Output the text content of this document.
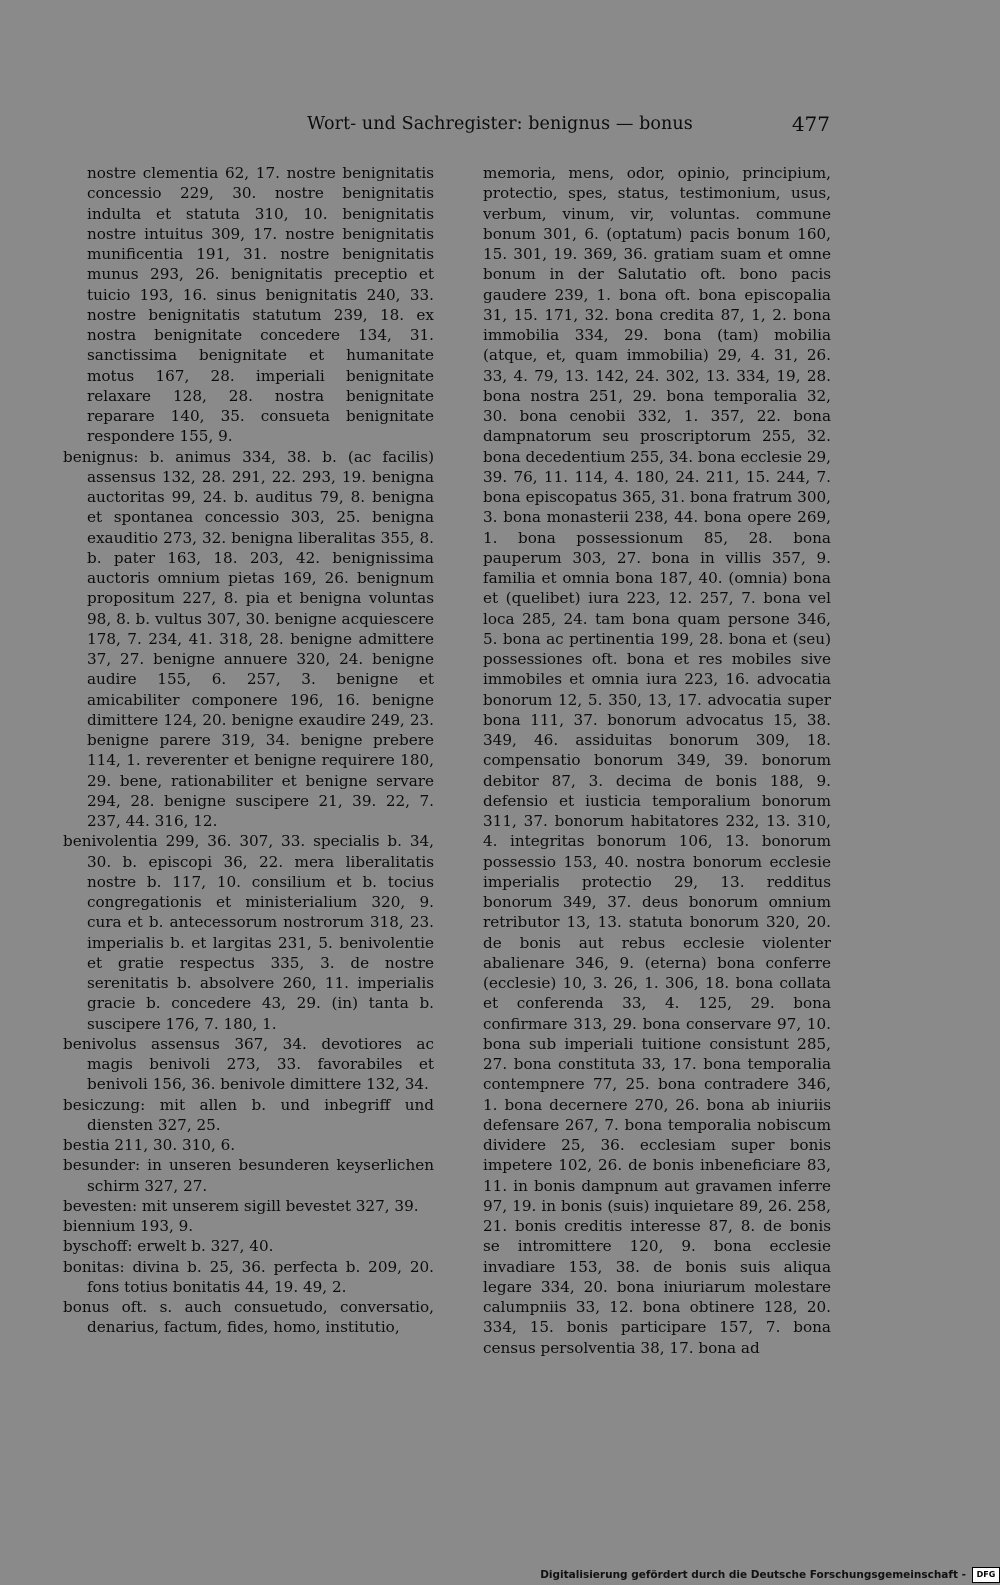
Wort- und Sachregister: benignus — bonus	477

nostre clementia 62, 17. nostre benignitatis concessio 229, 30. nostre benignitatis indulta et statuta 310, 10. benignitatis nostre intuitus 309, 17. nostre benignitatis munificentia 191, 31. nostre benignitatis munus 293, 26. benignitatis preceptio et tuicio 193, 16. sinus benignitatis 240, 33. nostre benignitatis statutum 239, 18. ex nostra benignitate concedere 134, 31. sanctissima benignitate et humanitate motus 167, 28. imperiali benignitate relaxare 128, 28. nostra benignitate reparare 140, 35. consueta benignitate respondere 155, 9.

benignus: b. animus 334, 38. b. (ac facilis) assensus 132, 28. 291, 22. 293, 19. benigna auctoritas 99, 24. b. auditus 79, 8. benigna et spontanea concessio 303, 25. benigna exauditio 273, 32. benigna liberalitas 355, 8. b. pater 163, 18. 203, 42. benignissima auctoris omnium pietas 169, 26. benignum propositum 227, 8. pia et benigna voluntas 98, 8. b. vultus 307, 30. benigne acquiescere 178, 7. 234, 41. 318, 28. benigne admittere 37, 27. benigne annuere 320, 24. benigne audire 155, 6. 257, 3. benigne et amicabiliter componere 196, 16. benigne dimittere 124, 20. benigne exaudire 249, 23. benigne parere 319, 34. benigne prebere 114, 1. reverenter et benigne requirere 180, 29. bene, rationabiliter et benigne servare 294, 28. benigne suscipere 21, 39. 22, 7. 237, 44. 316, 12.

benivolentia 299, 36. 307, 33. specialis b. 34, 30. b. episcopi 36, 22. mera liberalitatis nostre b. 117, 10. consilium et b. tocius congregationis et ministerialium 320, 9. cura et b. antecessorum nostrorum 318, 23. imperialis b. et largitas 231, 5. benivolentie et gratie respectus 335, 3. de nostre serenitatis b. absolvere 260, 11. imperialis gracie b. concedere 43, 29. (in) tanta b. suscipere 176, 7. 180, 1.

benivolus assensus 367, 34. devotiores ac magis benivoli 273, 33. favorabiles et benivoli 156, 36. benivole dimittere 132, 34.

besiczung: mit allen b. und inbegriff und diensten 327, 25.

bestia 211, 30. 310, 6.

besunder: in unseren besunderen keyserlichen schirm 327, 27.

bevesten: mit unserem sigill bevestet 327, 39.

biennium 193, 9.

byschoff: erwelt b. 327, 40.

bonitas: divina b. 25, 36. perfecta b. 209, 20. fons totius bonitatis 44, 19. 49, 2.

bonus oft. s. auch consuetudo, conversatio, denarius, factum, fides, homo, institutio,

memoria, mens, odor, opinio, principium, protectio, spes, status, testimonium, usus, verbum, vinum, vir, voluntas. commune bonum 301, 6. (optatum) pacis bonum 160, 15. 301, 19. 369, 36. gratiam suam et omne bonum in der Salutatio oft. bono pacis gaudere 239, 1. bona oft. bona episcopalia 31, 15. 171, 32. bona credita 87, 1, 2. bona immobilia 334, 29. bona (tam) mobilia (atque, et, quam immobilia) 29, 4. 31, 26. 33, 4. 79, 13. 142, 24. 302, 13. 334, 19, 28. bona nostra 251, 29. bona temporalia 32, 30. bona cenobii 332, 1. 357, 22. bona dampnatorum seu proscriptorum 255, 32. bona decedentium 255, 34. bona ecclesie 29, 39. 76, 11. 114, 4. 180, 24. 211, 15. 244, 7. bona episcopatus 365, 31. bona fratrum 300, 3. bona monasterii 238, 44. bona opere 269, 1. bona possessionum 85, 28. bona pauperum 303, 27. bona in villis 357, 9. familia et omnia bona 187, 40. (omnia) bona et (quelibet) iura 223, 12. 257, 7. bona vel loca 285, 24. tam bona quam persone 346, 5. bona ac pertinentia 199, 28. bona et (seu) possessiones oft. bona et res mobiles sive immobiles et omnia iura 223, 16. advocatia bonorum 12, 5. 350, 13, 17. advocatia super bona 111, 37. bonorum advocatus 15, 38. 349, 46. assiduitas bonorum 309, 18. compensatio bonorum 349, 39. bonorum debitor 87, 3. decima de bonis 188, 9. defensio et iusticia temporalium bonorum 311, 37. bonorum habitatores 232, 13. 310, 4. integritas bonorum 106, 13. bonorum possessio 153, 40. nostra bonorum ecclesie imperialis protectio 29, 13. redditus bonorum 349, 37. deus bonorum omnium retributor 13, 13. statuta bonorum 320, 20. de bonis aut rebus ecclesie violenter abalienare 346, 9. (eterna) bona conferre (ecclesie) 10, 3. 26, 1. 306, 18. bona collata et conferenda 33, 4. 125, 29. bona confirmare 313, 29. bona conservare 97, 10. bona sub imperiali tuitione consistunt 285, 27. bona constituta 33, 17. bona temporalia contempnere 77, 25. bona contradere 346, 1. bona decernere 270, 26. bona ab iniuriis defensare 267, 7. bona temporalia nobiscum dividere 25, 36. ecclesiam super bonis impetere 102, 26. de bonis inbeneficiare 83, 11. in bonis dampnum aut gravamen inferre 97, 19. in bonis (suis) inquietare 89, 26. 258, 21. bonis creditis interesse 87, 8. de bonis se intromittere 120, 9. bona ecclesie invadiare 153, 38. de bonis suis aliqua legare 334, 20. bona iniuriarum molestare calumpniis 33, 12. bona obtinere 128, 20. 334, 15. bonis participare 157, 7. bona census persolventia 38, 17. bona ad

Digitalisierung gefördert durch die Deutsche Forschungsgemeinschaft -	DFG
